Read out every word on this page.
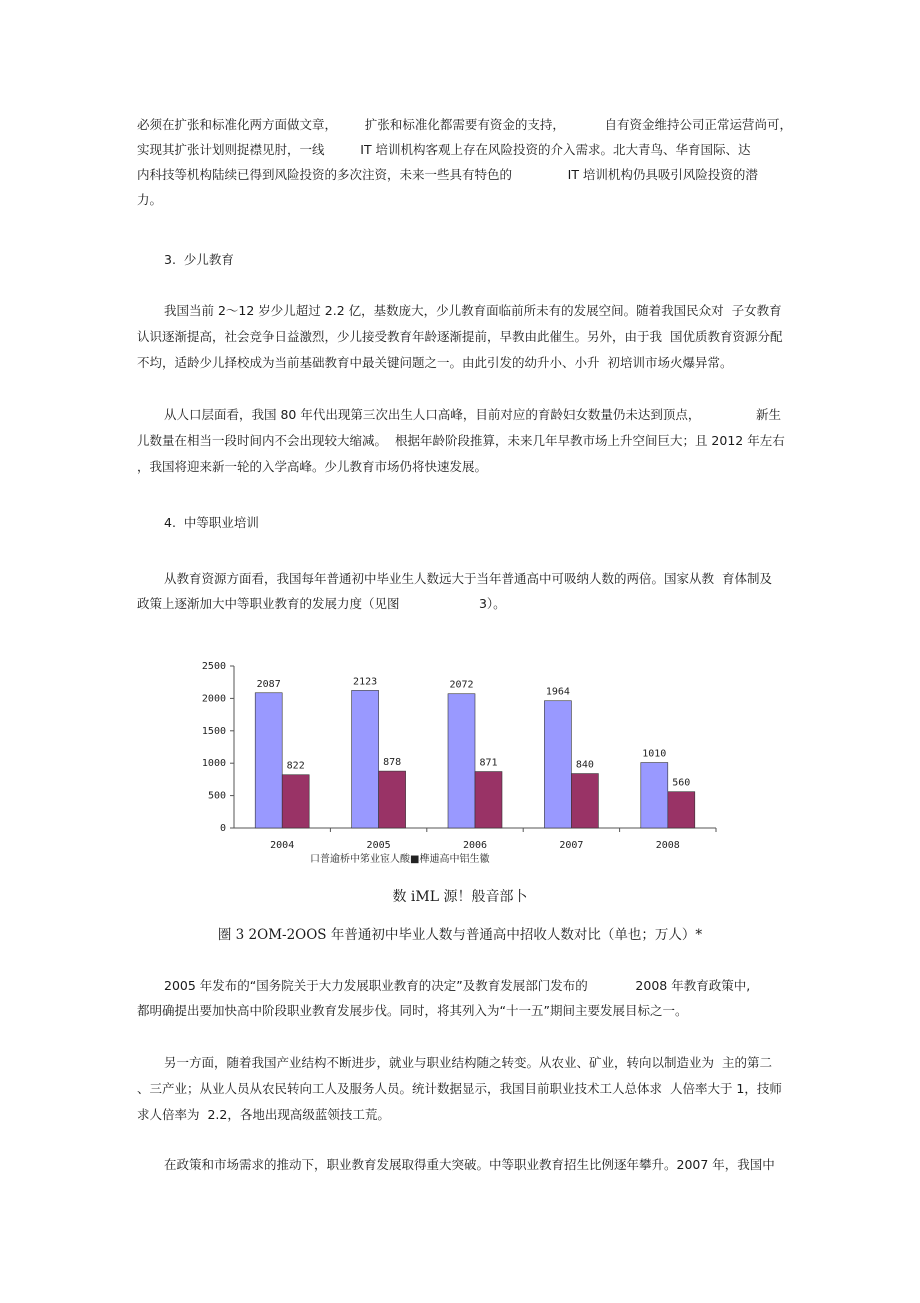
必须在扩张和标准化两方面做文章，       扩张和标准化都需要有资金的支持，          自有资金维持公司正常运营尚可，
实现其扩张计划则捉襟见肘，一线         IT 培训机构客观上存在风险投资的介入需求。北大青鸟、华育国际、达
内科技等机构陆续已得到风险投资的多次注资，未来一些具有特色的              IT 培训机构仍具吸引风险投资的潜
力。
3.  少儿教育
我国当前 2～12 岁少儿超过 2.2 亿，基数庞大，少儿教育面临前所未有的发展空间。随着我国民众对  子女教育
认识逐渐提高，社会竞争日益激烈，少儿接受教育年龄逐渐提前，早教由此催生。另外，由于我  国优质教育资源分配
不均，适龄少儿择校成为当前基础教育中最关键问题之一。由此引发的幼升小、小升  初培训市场火爆异常。
从人口层面看，我国 80 年代出现第三次出生人口高峰，目前对应的育龄妇女数量仍未达到顶点，              新生
儿数量在相当一段时间内不会出现较大缩减。  根据年龄阶段推算，未来几年早教市场上升空间巨大；且 2012 年左右
，我国将迎来新一轮的入学高峰。少儿教育市场仍将快速发展。
4.  中等职业培训
从教育资源方面看，我国每年普通初中毕业生人数远大于当年普通高中可吸纳人数的两倍。国家从教  育体制及
政策上逐渐加大中等职业教育的发展力度（见图                    3）。
0
500
1000
1500
2000
2500
2087
822
2004
2123
878
2005
2072
871
2006
1964
840
2007
1010
560
2008
口普逾桥中笫业宦人酸■榫逋高中铝生徽
数 iML 源！般音部卜
圏 3 2OM-2OOS 年普通初中毕业人数与普通高中招收人数对比（单也；万人）*
2005 年发布的“国务院关于大力发展职业教育的决定”及教育发展部门发布的            2008 年教育政策中,
都明确提出要加快高中阶段职业教育发展步伐。同时，将其列入为“十一五”期间主要发展目标之一。
另一方面，随着我国产业结构不断进步，就业与职业结构随之转变。从农业、矿业，转向以制造业为  主的第二
、三产业；从业人员从农民转向工人及服务人员。统计数据显示，我国目前职业技术工人总体求  人倍率大于 1，技师
求人倍率为  2.2，各地出现高级蓝领技工荒。
在政策和市场需求的推动下，职业教育发展取得重大突破。中等职业教育招生比例逐年攀升。2007 年，我国中
